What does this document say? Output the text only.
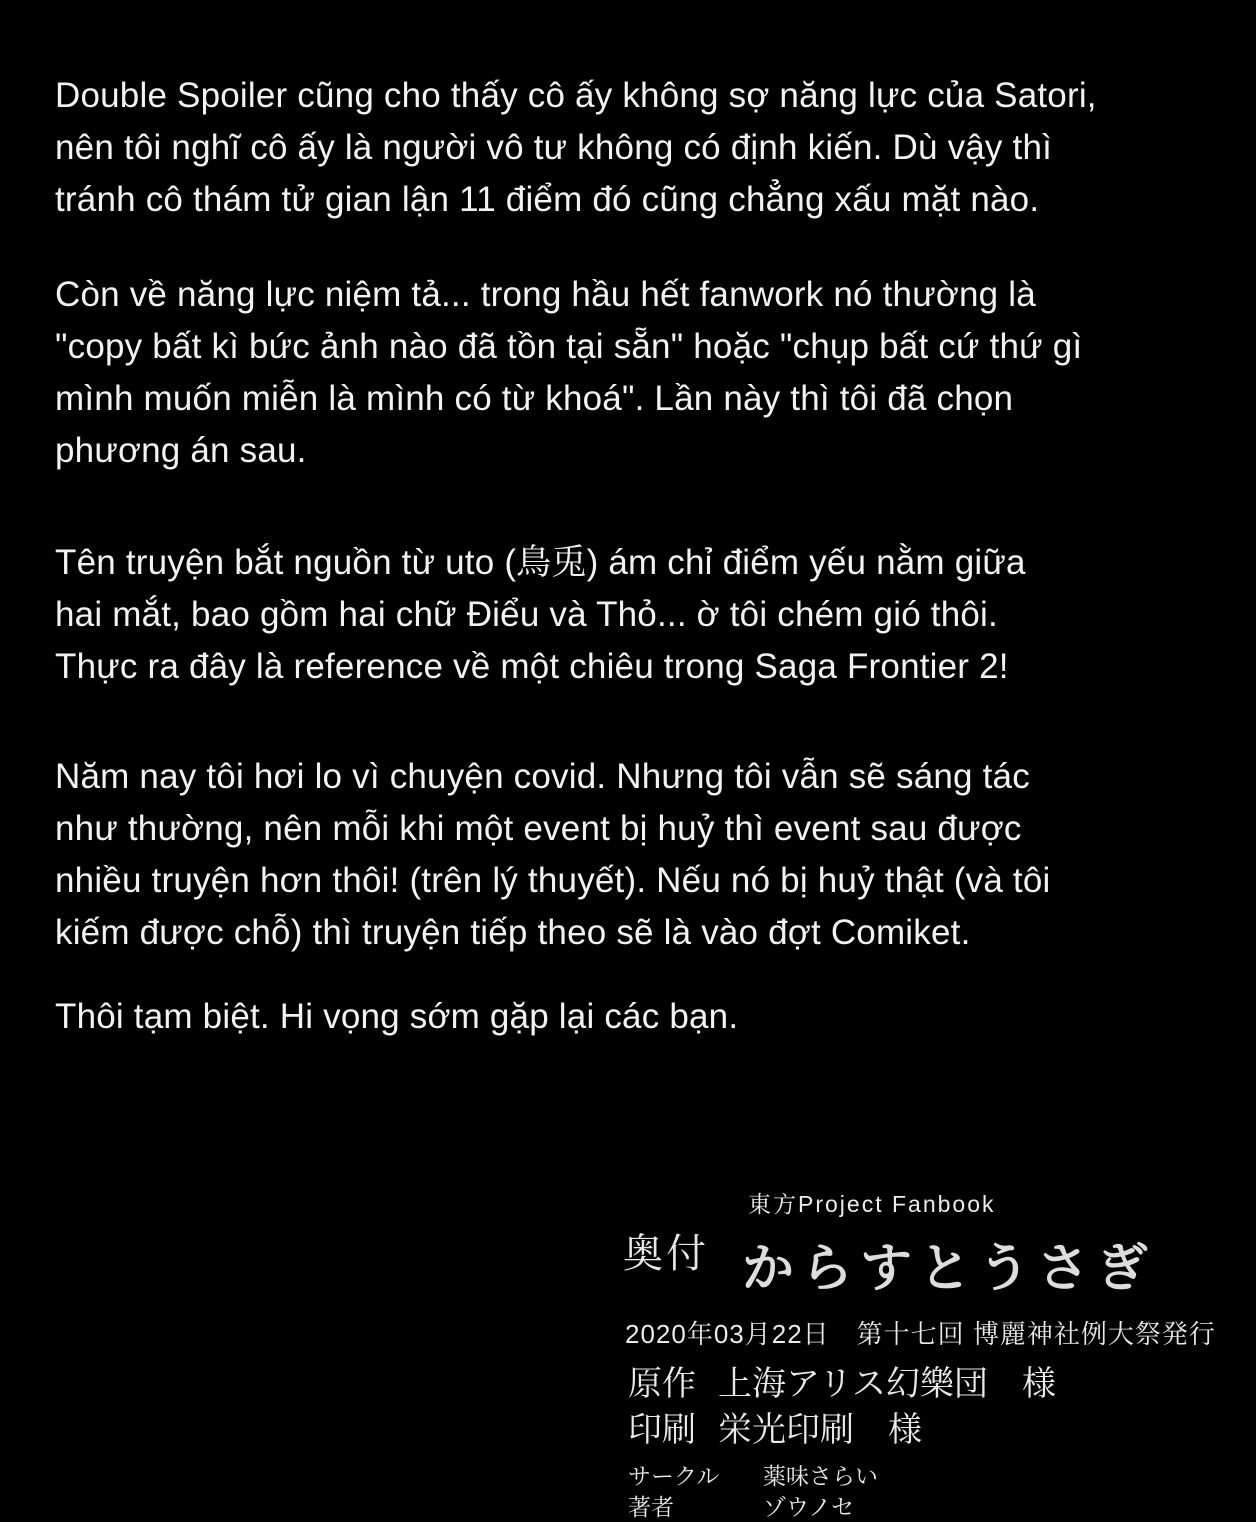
Double Spoiler cũng cho thấy cô ấy không sợ năng lực của Satori,
nên tôi nghĩ cô ấy là người vô tư không có định kiến. Dù vậy thì
tránh cô thám tử gian lận 11 điểm đó cũng chẳng xấu mặt nào.
Còn về năng lực niệm tả... trong hầu hết fanwork nó thường là
"copy bất kì bức ảnh nào đã tồn tại sẵn" hoặc "chụp bất cứ thứ gì
mình muốn miễn là mình có từ khoá". Lần này thì tôi đã chọn
phương án sau.
Tên truyện bắt nguồn từ uto (鳥兎) ám chỉ điểm yếu nằm giữa
hai mắt, bao gồm hai chữ Điểu và Thỏ... ờ tôi chém gió thôi.
Thực ra đây là reference về một chiêu trong Saga Frontier 2!
Năm nay tôi hơi lo vì chuyện covid. Nhưng tôi vẫn sẽ sáng tác
như thường, nên mỗi khi một event bị huỷ thì event sau được
nhiều truyện hơn thôi! (trên lý thuyết). Nếu nó bị huỷ thật (và tôi
kiếm được chỗ) thì truyện tiếp theo sẽ là vào đợt Comiket.
Thôi tạm biệt. Hi vọng sớm gặp lại các bạn.
東方Project Fanbook
奥付 からすとうさぎ
2020年03月22日　第十七回 博麗神社例大祭発行
原作 上海アリス幻樂団　様
印刷 栄光印刷　様
サークル	薬味さらい
著者	ゾウノセ
